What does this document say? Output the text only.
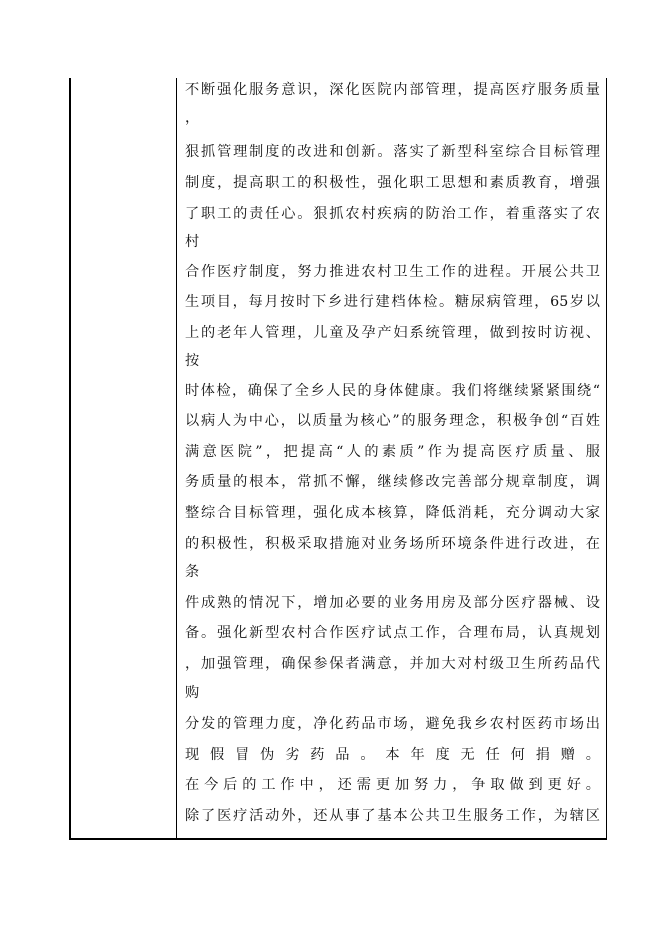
不断强化服务意识，深化医院内部管理，提高医疗服务质量
，
狠抓管理制度的改进和创新。落实了新型科室综合目标管理
制度，提高职工的积极性，强化职工思想和素质教育，增强
了职工的责任心。狠抓农村疾病的防治工作，着重落实了农
村
合作医疗制度，努力推进农村卫生工作的进程。开展公共卫
生项目，每月按时下乡进行建档体检。糖尿病管理，65岁以
上的老年人管理，儿童及孕产妇系统管理，做到按时访视、
按
时体检，确保了全乡人民的身体健康。我们将继续紧紧围绕“
以病人为中心，以质量为核心”的服务理念，积极争创“百姓
满意医院”，把提高“人的素质”作为提高医疗质量、服
务质量的根本，常抓不懈，继续修改完善部分规章制度，调
整综合目标管理，强化成本核算，降低消耗，充分调动大家
的积极性，积极采取措施对业务场所环境条件进行改进，在
条
件成熟的情况下，增加必要的业务用房及部分医疗器械、设
备。强化新型农村合作医疗试点工作，合理布局，认真规划
，加强管理，确保参保者满意，并加大对村级卫生所药品代
购
分发的管理力度，净化药品市场，避免我乡农村医药市场出
现 假 冒 伪 劣 药 品 。 本 年 度 无 任 何 捐 赠 。
在 今 后 的 工 作 中 ， 还 需 更 加 努 力 ， 争 取 做 到 更 好 。
除了医疗活动外，还从事了基本公共卫生服务工作，为辖区
